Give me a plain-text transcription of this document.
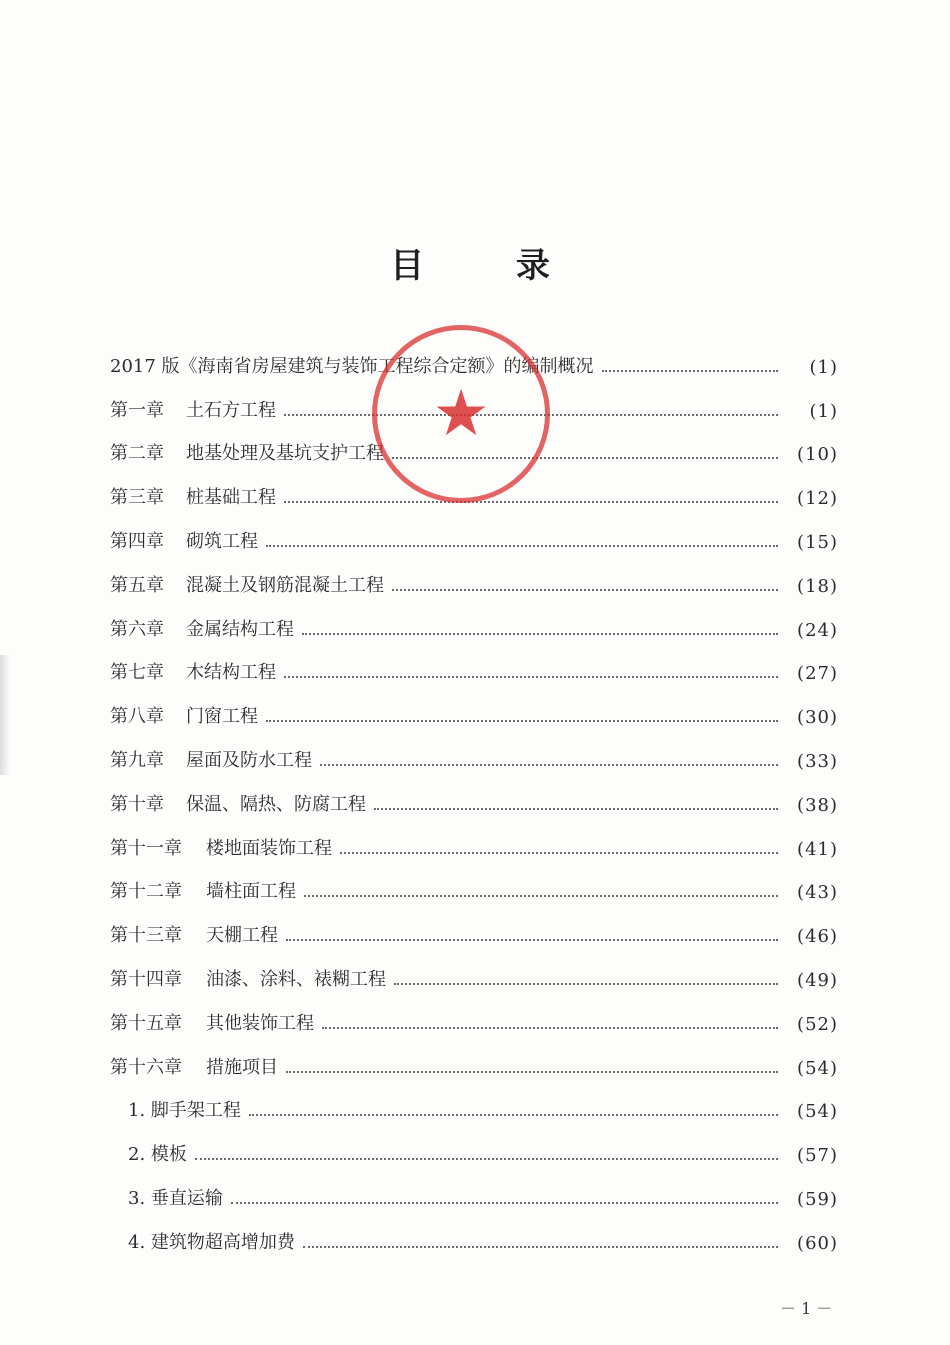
目 录
2017 版《海南省房屋建筑与装饰工程综合定额》的编制概况	(1)
第一章	土石方工程	(1)
第二章	地基处理及基坑支护工程	(10)
第三章	桩基础工程	(12)
第四章	砌筑工程	(15)
第五章	混凝土及钢筋混凝土工程	(18)
第六章	金属结构工程	(24)
第七章	木结构工程	(27)
第八章	门窗工程	(30)
第九章	屋面及防水工程	(33)
第十章	保温、隔热、防腐工程	(38)
第十一章	楼地面装饰工程	(41)
第十二章	墙柱面工程	(43)
第十三章	天棚工程	(46)
第十四章	油漆、涂料、裱糊工程	(49)
第十五章	其他装饰工程	(52)
第十六章	措施项目	(54)
1. 脚手架工程	(54)
2. 模板	(57)
3. 垂直运输	(59)
4. 建筑物超高增加费	(60)
★
－ 1 －
